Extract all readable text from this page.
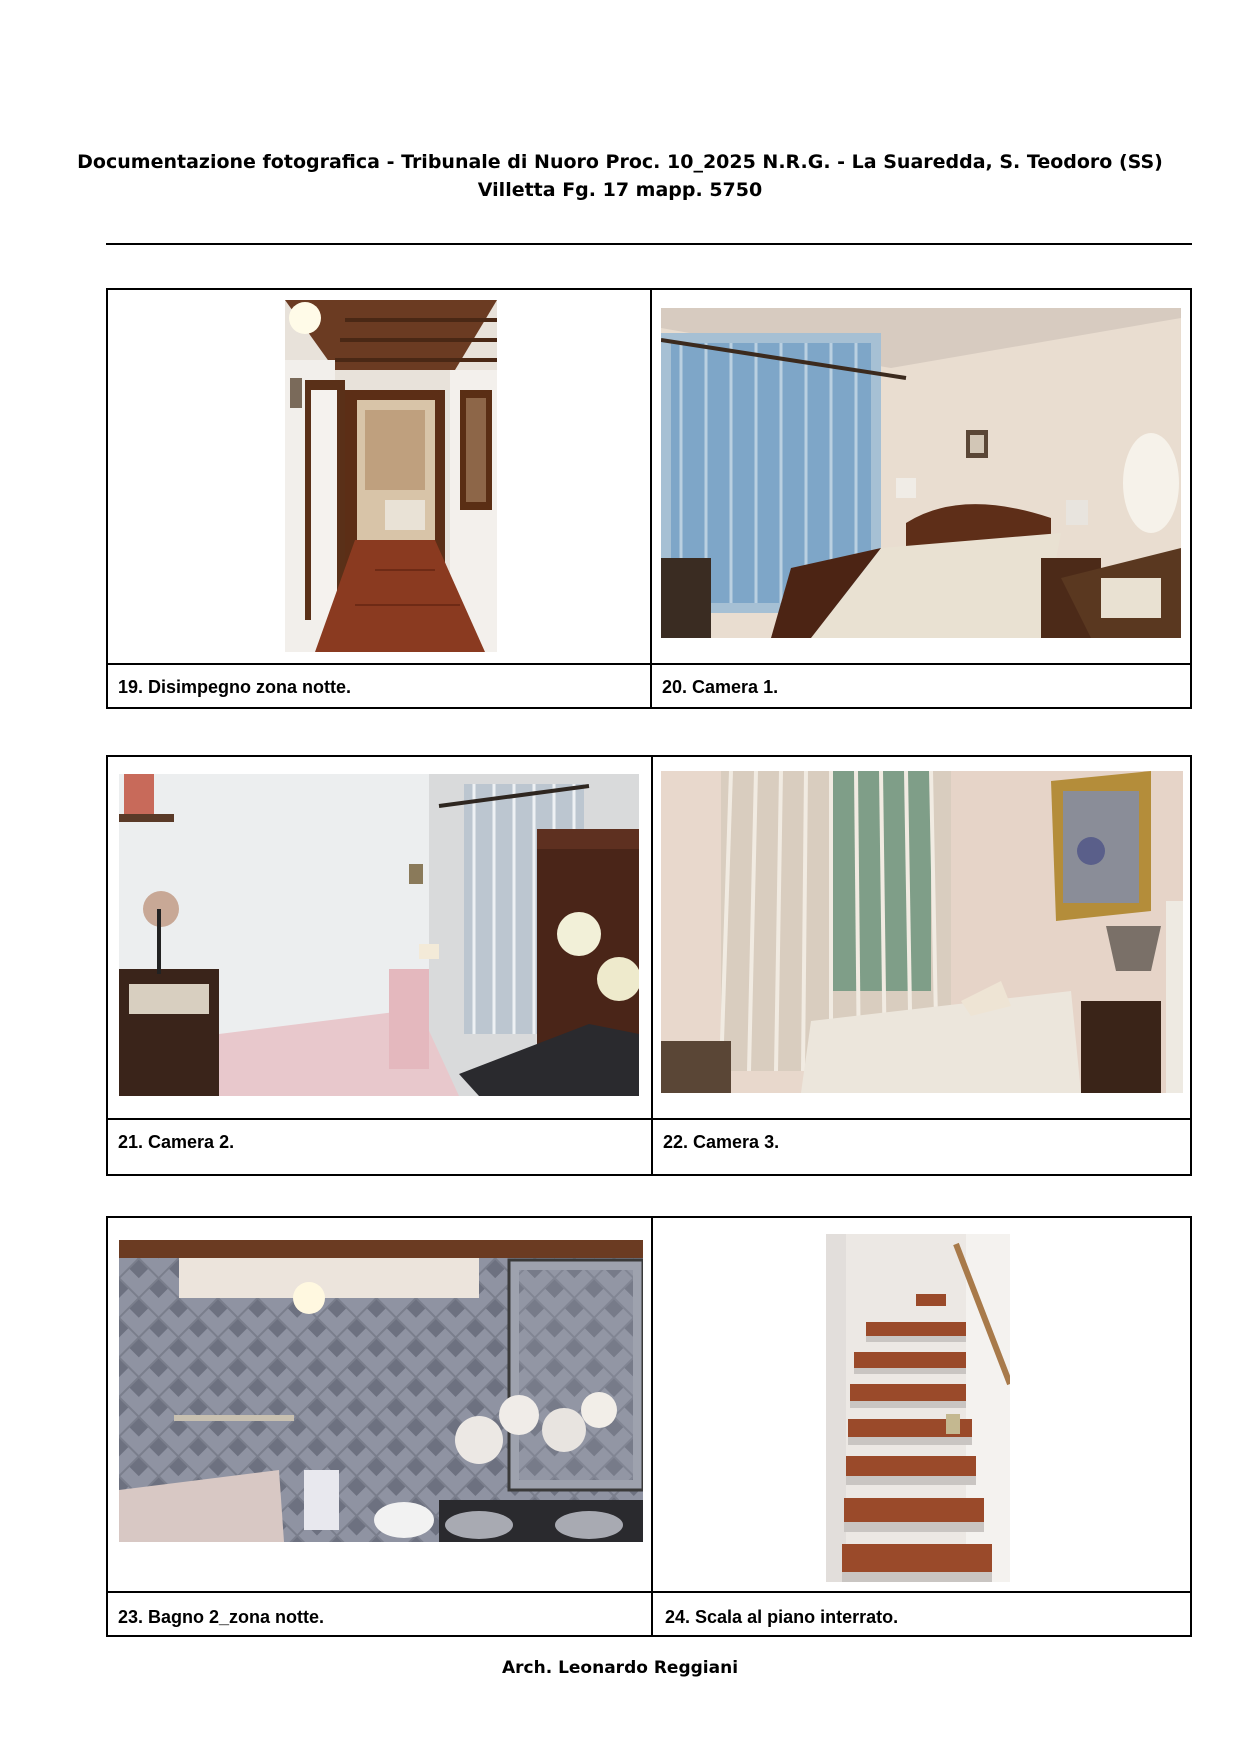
Documentazione fotografica - Tribunale di Nuoro Proc. 10_2025 N.R.G. - La Suaredda, S. Teodoro (SS)
Villetta Fg. 17 mapp. 5750
19. Disimpegno zona notte.	20. Camera 1.
21. Camera 2.	22. Camera 3.
23. Bagno 2_zona notte.	24. Scala al piano interrato.
Arch. Leonardo Reggiani
